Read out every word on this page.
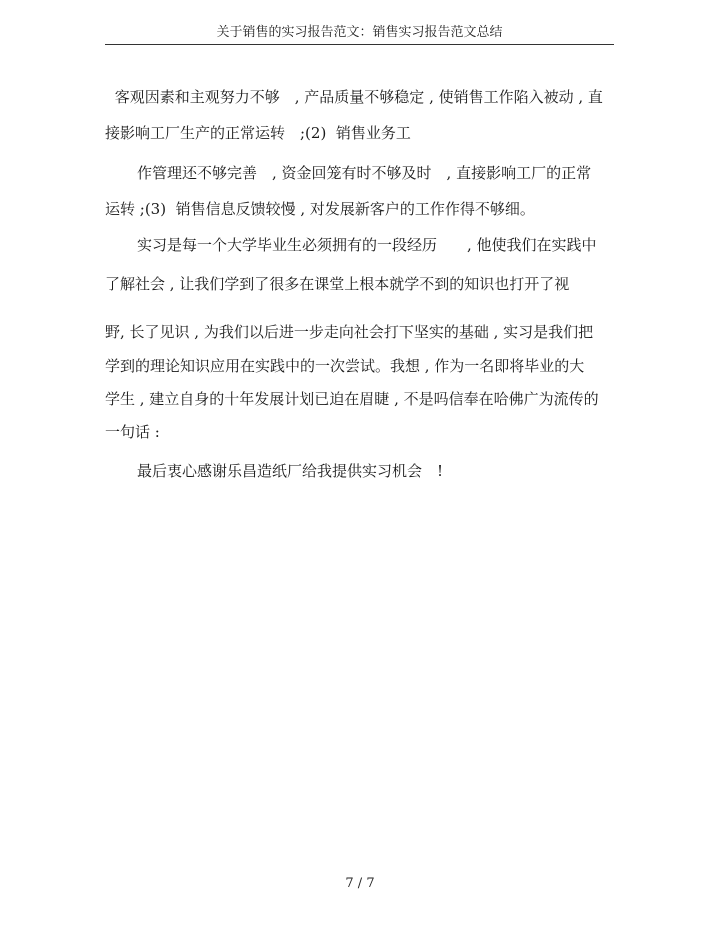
关于销售的实习报告范文：销售实习报告范文总结
客观因素和主观努力不够　, 产品质量不够稳定 , 使销售工作陷入被动 , 直
接影响工厂生产的正常运转　;(2)  销售业务工
作管理还不够完善　, 资金回笼有时不够及时　, 直接影响工厂的正常
运转 ;(3)  销售信息反馈较慢 , 对发展新客户的工作作得不够细。
实习是每一个大学毕业生必须拥有的一段经历　　, 他使我们在实践中
了解社会 , 让我们学到了很多在课堂上根本就学不到的知识也打开了视
野, 长了见识 , 为我们以后进一步走向社会打下坚实的基础 , 实习是我们把
学到的理论知识应用在实践中的一次尝试。我想 , 作为一名即将毕业的大
学生 , 建立自身的十年发展计划已迫在眉睫 , 不是吗信奉在哈佛广为流传的
一句话 :
最后衷心感谢乐昌造纸厂给我提供实习机会　!
7 / 7
